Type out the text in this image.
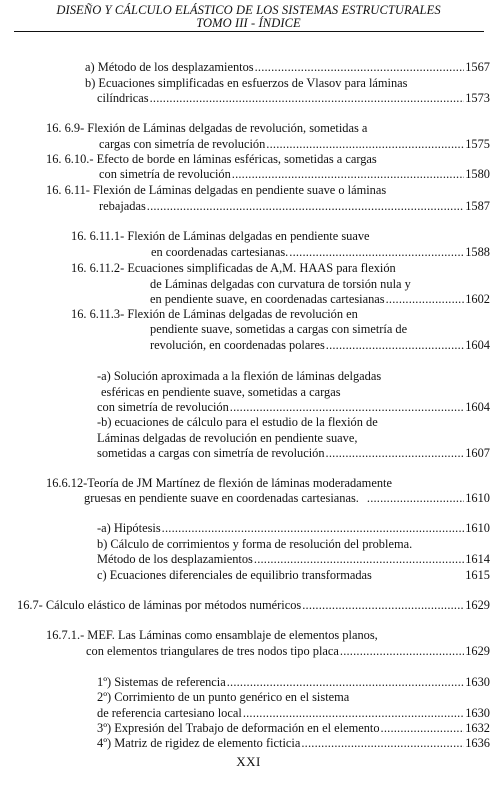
DISEÑO Y CÁLCULO ELÁSTICO DE LOS SISTEMAS ESTRUCTURALES
TOMO III - ÍNDICE
a) Método de los desplazamientos .....	1567
b) Ecuaciones simplificadas en esfuerzos de Vlasov para láminas
cilíndricas .....	1573
16. 6.9- Flexión de Láminas delgadas de revolución, sometidas a
cargas con simetría de revolución .....	1575
16. 6.10.- Efecto de borde en láminas esféricas, sometidas a cargas
con simetría de revolución .....	1580
16. 6.11- Flexión de Láminas delgadas en pendiente suave o láminas
rebajadas .....	1587
16. 6.11.1- Flexión de Láminas delgadas en pendiente suave
en coordenadas cartesianas. .....	1588
16. 6.11.2- Ecuaciones simplificadas de A,M. HAAS para flexión
de Láminas delgadas con curvatura de torsión nula y
en pendiente suave, en coordenadas cartesianas .....	1602
16. 6.11.3- Flexión de Láminas delgadas de revolución en
pendiente suave, sometidas a cargas con simetría de
revolución, en coordenadas polares .....	1604
-a) Solución aproximada a la flexión de láminas delgadas
esféricas en pendiente suave, sometidas a cargas
con simetría de revolución .....	1604
-b) ecuaciones de cálculo para el estudio de la flexión de
Láminas delgadas de revolución en pendiente suave,
sometidas a cargas con simetría de revolución .....	1607
16.6.12-Teoría de JM Martínez de flexión de láminas moderadamente
gruesas en pendiente suave en coordenadas cartesianas. .....	1610
-a) Hipótesis .....	1610
b) Cálculo de corrimientos y forma de resolución del problema.
Método de los desplazamientos .....	1614
c) Ecuaciones diferenciales de equilibrio transformadas	1615
16.7- Cálculo elástico de láminas por métodos numéricos .....	1629
16.7.1.- MEF. Las Láminas como ensamblaje de elementos planos,
con elementos triangulares de tres nodos tipo placa .....	1629
1º) Sistemas de referencia .....	1630
2º) Corrimiento de un punto genérico en el sistema
de referencia cartesiano local .....	1630
3º) Expresión del Trabajo de deformación en el elemento .....	1632
4º) Matriz de rigidez de elemento ficticia .....	1636
XXI
